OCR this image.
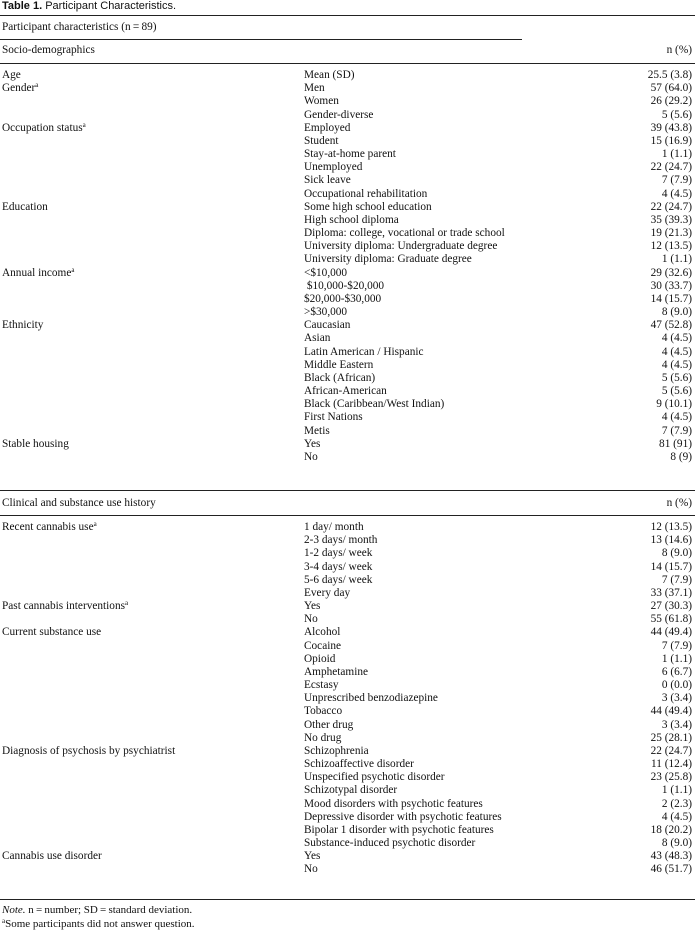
Table 1. Participant Characteristics.
Participant characteristics (n = 89)
Socio-demographics	n (%)
Age	Mean (SD)	25.5 (3.8)
Gender$^a$	Men	57 (64.0)
Women	26 (29.2)
Gender-diverse	5 (5.6)
Occupation status$^a$	Employed	39 (43.8)
Student	15 (16.9)
Stay-at-home parent	1 (1.1)
Unemployed	22 (24.7)
Sick leave	7 (7.9)
Occupational rehabilitation	4 (4.5)
Education	Some high school education	22 (24.7)
High school diploma	35 (39.3)
Diploma: college, vocational or trade school	19 (21.3)
University diploma: Undergraduate degree	12 (13.5)
University diploma: Graduate degree	1 (1.1)
Annual income$^a$	<$10,000	29 (32.6)
$10,000-$20,000	30 (33.7)
$20,000-$30,000	14 (15.7)
>$30,000	8 (9.0)
Ethnicity	Caucasian	47 (52.8)
Asian	4 (4.5)
Latin American / Hispanic	4 (4.5)
Middle Eastern	4 (4.5)
Black (African)	5 (5.6)
African-American	5 (5.6)
Black (Caribbean/West Indian)	9 (10.1)
First Nations	4 (4.5)
Metis	7 (7.9)
Stable housing	Yes	81 (91)
No	8 (9)
Clinical and substance use history	n (%)
Recent cannabis use$^a$	1 day/ month	12 (13.5)
2-3 days/ month	13 (14.6)
1-2 days/ week	8 (9.0)
3-4 days/ week	14 (15.7)
5-6 days/ week	7 (7.9)
Every day	33 (37.1)
Past cannabis interventions$^a$	Yes	27 (30.3)
No	55 (61.8)
Current substance use	Alcohol	44 (49.4)
Cocaine	7 (7.9)
Opioid	1 (1.1)
Amphetamine	6 (6.7)
Ecstasy	0 (0.0)
Unprescribed benzodiazepine	3 (3.4)
Tobacco	44 (49.4)
Other drug	3 (3.4)
No drug	25 (28.1)
Diagnosis of psychosis by psychiatrist	Schizophrenia	22 (24.7)
Schizoaffective disorder	11 (12.4)
Unspecified psychotic disorder	23 (25.8)
Schizotypal disorder	1 (1.1)
Mood disorders with psychotic features	2 (2.3)
Depressive disorder with psychotic features	4 (4.5)
Bipolar 1 disorder with psychotic features	18 (20.2)
Substance-induced psychotic disorder	8 (9.0)
Cannabis use disorder	Yes	43 (48.3)
No	46 (51.7)
Note. n = number; SD = standard deviation.
$^a$Some participants did not answer question.
